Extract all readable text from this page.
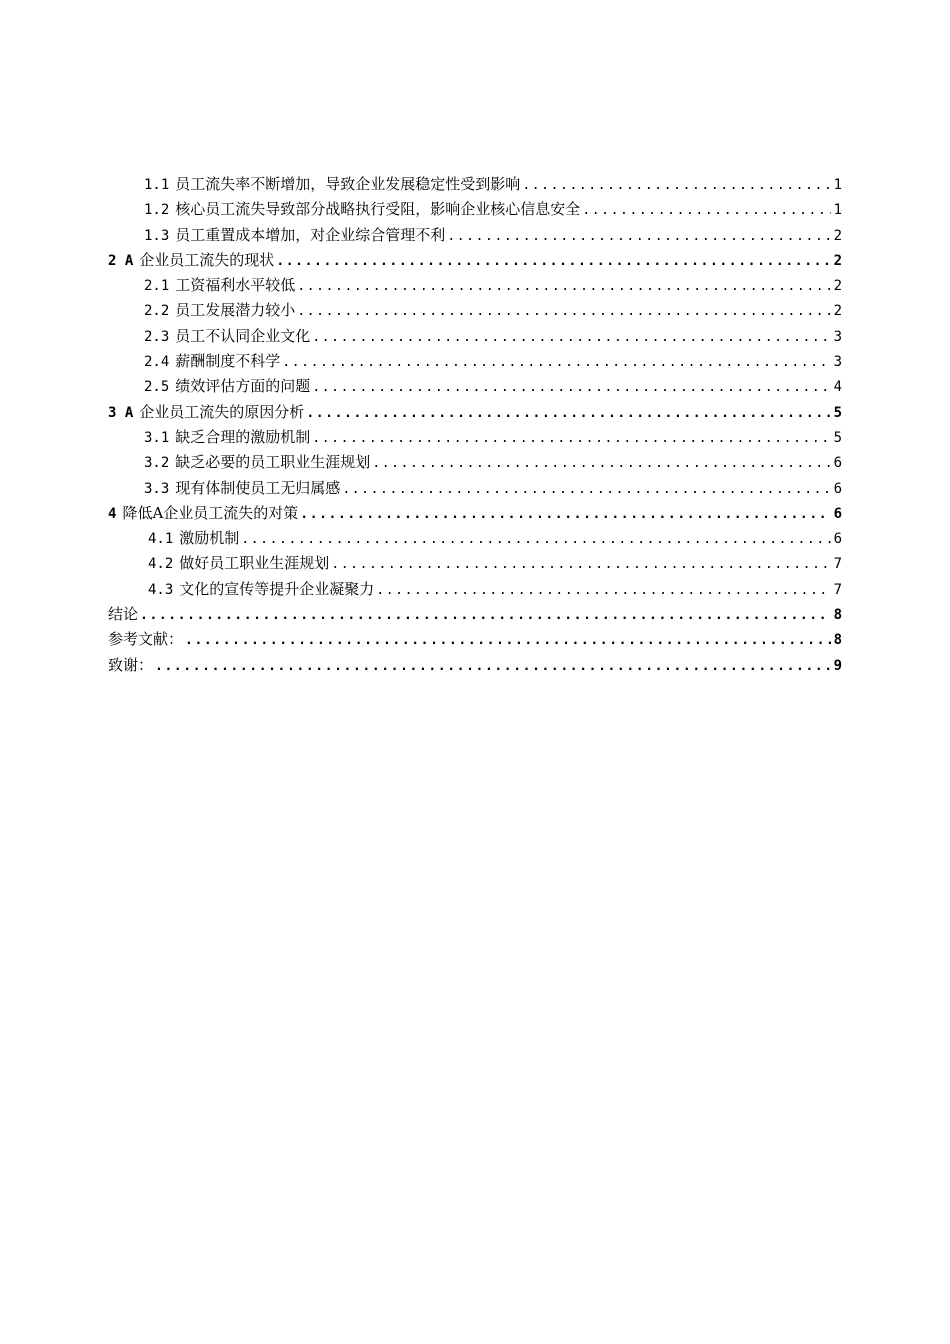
1.1 员工流失率不断增加，导致企业发展稳定性受到影响 .....	1
1.2 核心员工流失导致部分战略执行受阻，影响企业核心信息安全 .....	1
1.3 员工重置成本增加，对企业综合管理不利 .....	2
2 A 企业员工流失的现状 .....	2
2.1 工资福利水平较低 .....	2
2.2 员工发展潜力较小 .....	2
2.3 员工不认同企业文化 .....	3
2.4 薪酬制度不科学 .....	3
2.5 绩效评估方面的问题 .....	4
3 A 企业员工流失的原因分析 .....	5
3.1 缺乏合理的激励机制 .....	5
3.2 缺乏必要的员工职业生涯规划 .....	6
3.3 现有体制使员工无归属感 .....	6
4 降低A企业员工流失的对策 .....	6
4.1 激励机制 .....	6
4.2 做好员工职业生涯规划 .....	7
4.3 文化的宣传等提升企业凝聚力 .....	7
结论 .....	8
参考文献： .....	8
致谢： .....	9
